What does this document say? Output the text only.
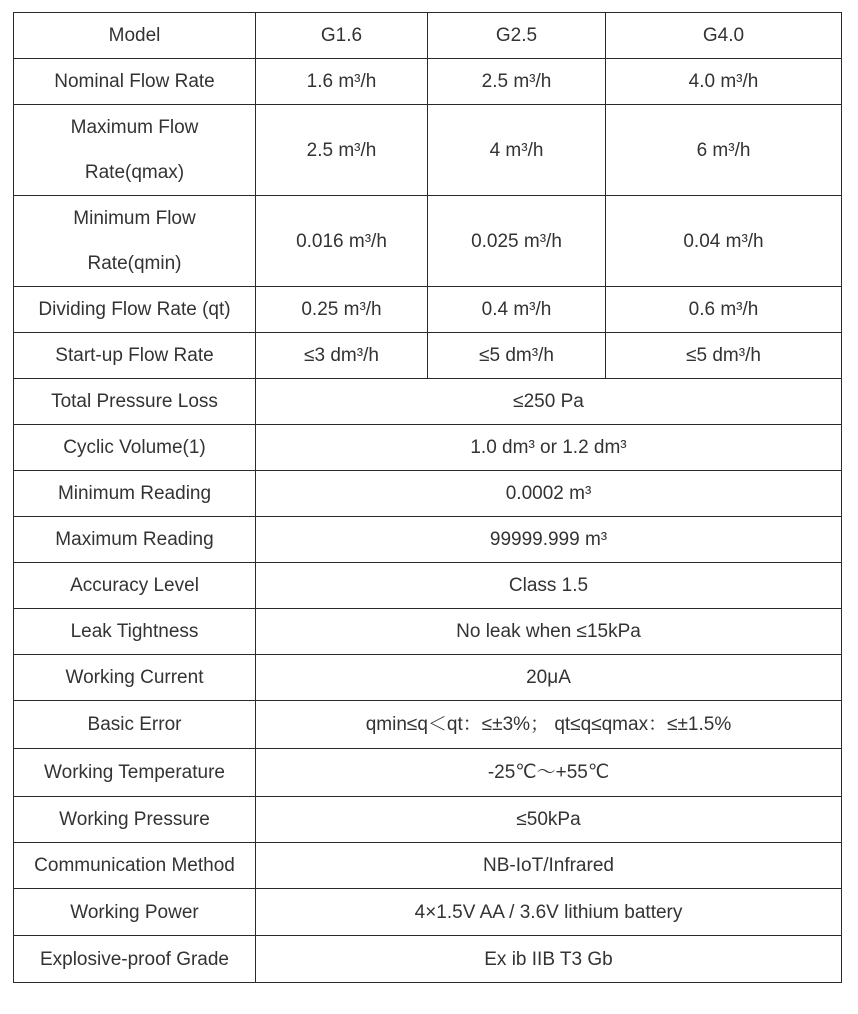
Model	G1.6	G2.5	G4.0
Nominal Flow Rate	1.6 m³/h	2.5 m³/h	4.0 m³/h
Maximum Flow
Rate(qmax)	2.5 m³/h	4 m³/h	6 m³/h
Minimum Flow
Rate(qmin)	0.016 m³/h	0.025 m³/h	0.04 m³/h
Dividing Flow Rate (qt)	0.25 m³/h	0.4 m³/h	0.6 m³/h
Start-up Flow Rate	≤3 dm³/h	≤5 dm³/h	≤5 dm³/h
Total Pressure Loss	≤250 Pa		
Cyclic Volume(1)	1.0 dm³ or 1.2 dm³		
Minimum Reading	0.0002 m³		
Maximum Reading	99999.999 m³		
Accuracy Level	Class 1.5		
Leak Tightness	No leak when ≤15kPa		
Working Current	20μA		
Basic Error	qmin≤q＜qt：≤±3%； qt≤q≤qmax：≤±1.5%		
Working Temperature	-25℃～+55℃		
Working Pressure	≤50kPa		
Communication Method	NB-IoT/Infrared		
Working Power	4×1.5V AA / 3.6V lithium battery		
Explosive-proof Grade	Ex ib IIB T3 Gb		
